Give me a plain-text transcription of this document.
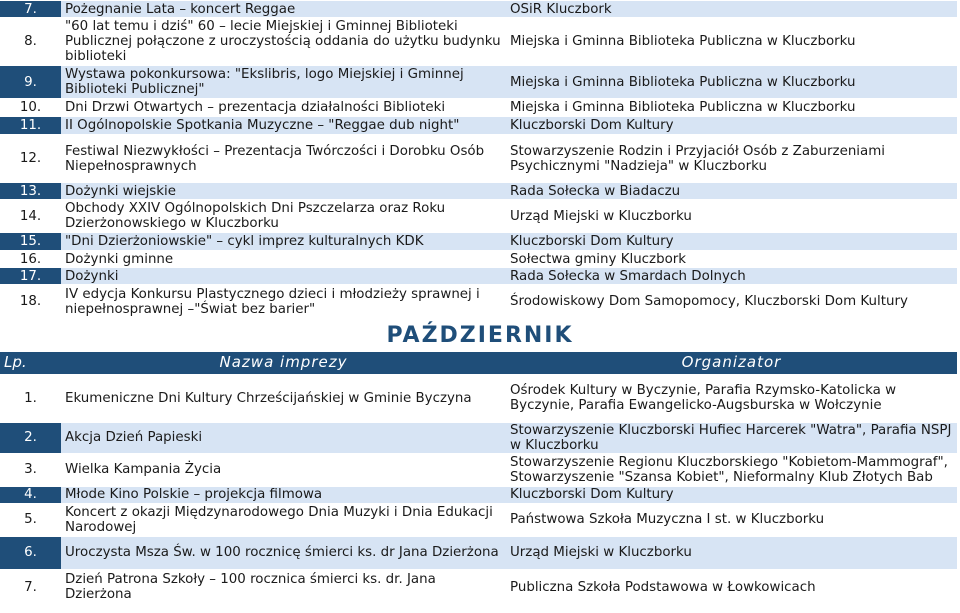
7.	Pożegnanie Lata – koncert Reggae	OSiR Kluczbork
8.	"60 lat temu i dziś" 60 – lecie Miejskiej i Gminnej Biblioteki Publicznej połączone z uroczystością oddania do użytku budynku biblioteki	Miejska i Gminna Biblioteka Publiczna w Kluczborku
9.	Wystawa pokonkursowa: "Ekslibris, logo Miejskiej i Gminnej Biblioteki Publicznej"	Miejska i Gminna Biblioteka Publiczna w Kluczborku
10.	Dni Drzwi Otwartych – prezentacja działalności Biblioteki	Miejska i Gminna Biblioteka Publiczna w Kluczborku
11.	II Ogólnopolskie Spotkania Muzyczne – "Reggae dub night"	Kluczborski Dom Kultury
12.	Festiwal Niezwykłości – Prezentacja Twórczości i Dorobku Osób Niepełnosprawnych	Stowarzyszenie Rodzin i Przyjaciół Osób z Zaburzeniami Psychicznymi "Nadzieja" w Kluczborku
13.	Dożynki wiejskie	Rada Sołecka w Biadaczu
14.	Obchody XXIV Ogólnopolskich Dni Pszczelarza oraz Roku Dzierżonowskiego w Kluczborku	Urząd Miejski w Kluczborku
15.	"Dni Dzierżoniowskie" – cykl imprez kulturalnych KDK	Kluczborski Dom Kultury
16.	Dożynki gminne	Sołectwa gminy Kluczbork
17.	Dożynki	Rada Sołecka w Smardach Dolnych
18.	IV edycja Konkursu Plastycznego dzieci i młodzieży sprawnej i niepełnosprawnej –"Świat bez barier"	Środowiskowy Dom Samopomocy, Kluczborski Dom Kultury
PAŹDZIERNIK
Lp.	Nazwa imprezy	Organizator
1.	Ekumeniczne Dni Kultury Chrześcijańskiej w Gminie Byczyna	Ośrodek Kultury w Byczynie, Parafia Rzymsko-Katolicka w Byczynie, Parafia Ewangelicko-Augsburska w Wołczynie
2.	Akcja Dzień Papieski	Stowarzyszenie Kluczborski Hufiec Harcerek "Watra", Parafia NSPJ w Kluczborku
3.	Wielka Kampania Życia	Stowarzyszenie Regionu Kluczborskiego "Kobietom-Mammograf", Stowarzyszenie "Szansa Kobiet", Nieformalny Klub Złotych Bab
4.	Młode Kino Polskie – projekcja filmowa	Kluczborski Dom Kultury
5.	Koncert z okazji Międzynarodowego Dnia Muzyki i Dnia Edukacji Narodowej	Państwowa Szkoła Muzyczna I st. w Kluczborku
6.	Uroczysta Msza Św. w 100 rocznicę śmierci ks. dr Jana Dzierżona	Urząd Miejski w Kluczborku
7.	Dzień Patrona Szkoły – 100 rocznica śmierci ks. dr. Jana Dzierżona	Publiczna Szkoła Podstawowa w Łowkowicach
